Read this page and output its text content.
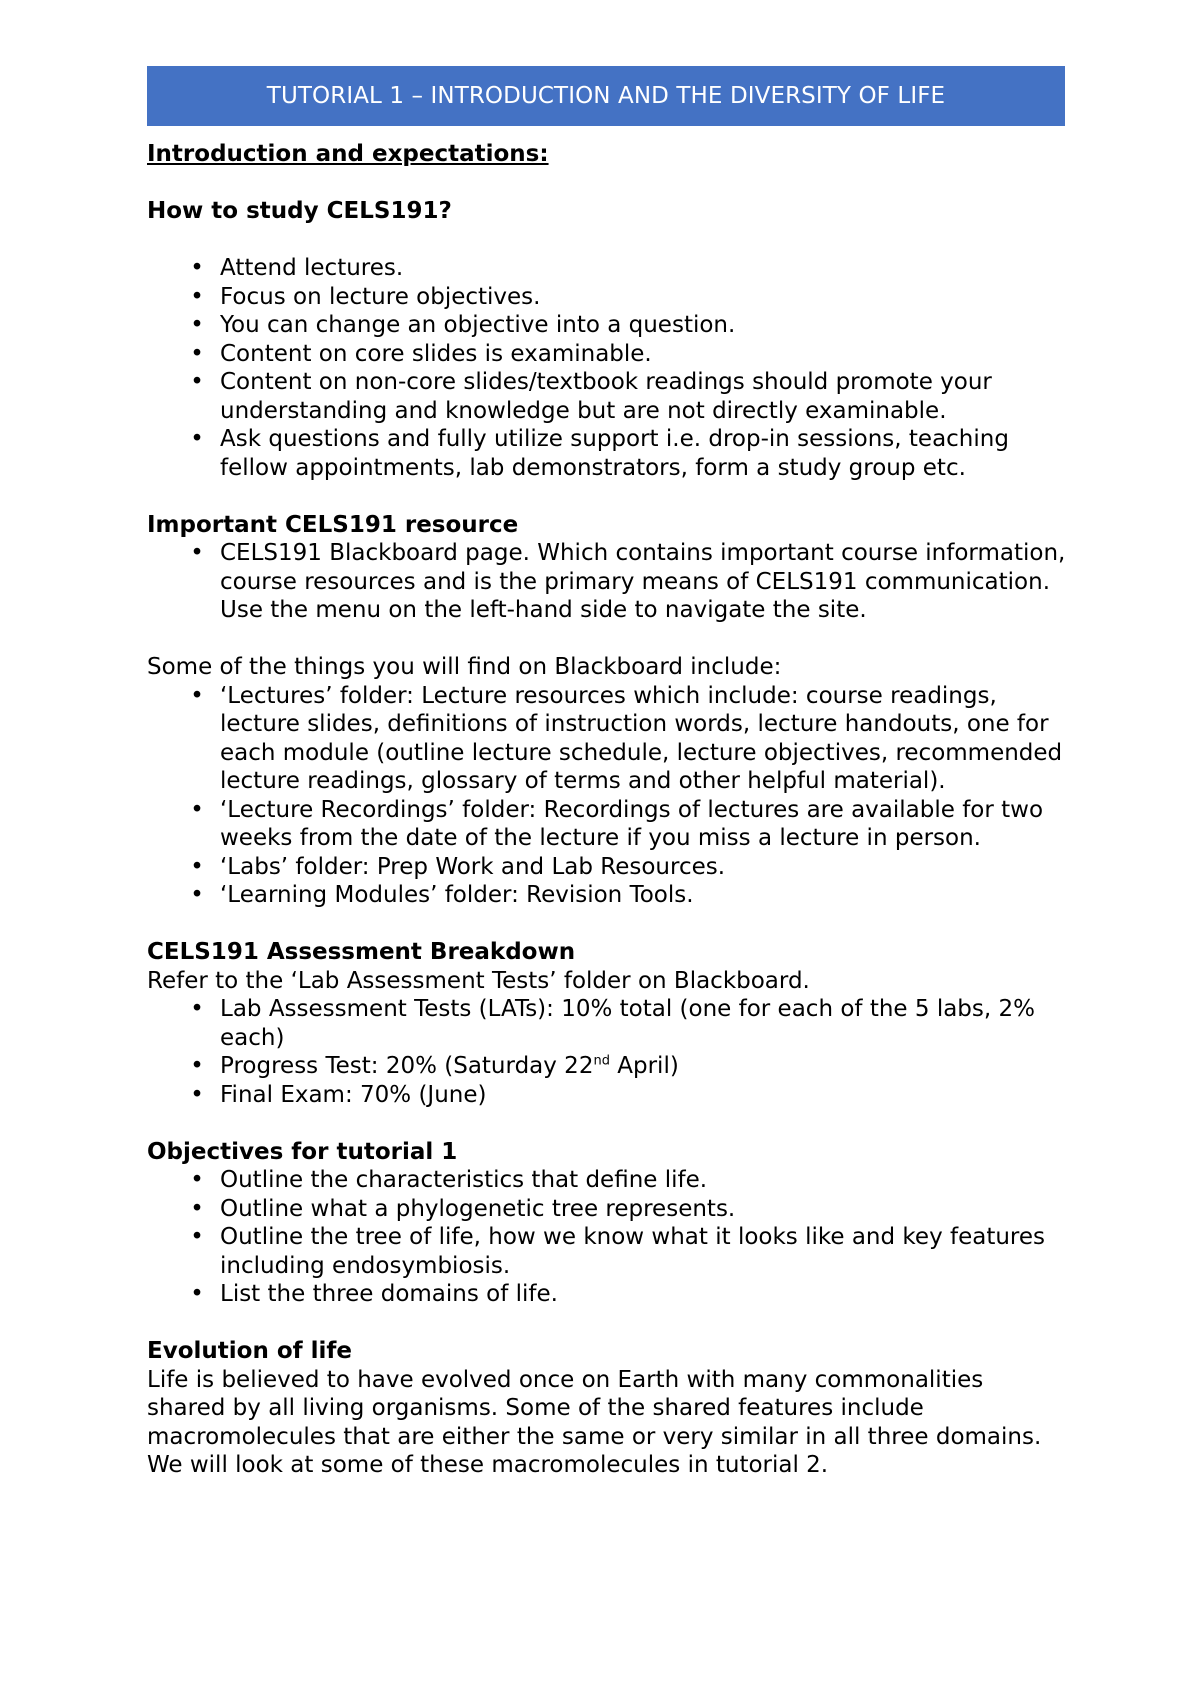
TUTORIAL 1 – INTRODUCTION AND THE DIVERSITY OF LIFE

Introduction and expectations:

How to study CELS191?

• Attend lectures.
• Focus on lecture objectives.
• You can change an objective into a question.
• Content on core slides is examinable.
• Content on non-core slides/textbook readings should promote your understanding and knowledge but are not directly examinable.
• Ask questions and fully utilize support i.e. drop-in sessions, teaching fellow appointments, lab demonstrators, form a study group etc.

Important CELS191 resource

• CELS191 Blackboard page. Which contains important course information, course resources and is the primary means of CELS191 communication. Use the menu on the left-hand side to navigate the site.

Some of the things you will find on Blackboard include:

• ‘Lectures’ folder: Lecture resources which include: course readings, lecture slides, definitions of instruction words, lecture handouts, one for each module (outline lecture schedule, lecture objectives, recommended lecture readings, glossary of terms and other helpful material).
• ‘Lecture Recordings’ folder: Recordings of lectures are available for two weeks from the date of the lecture if you miss a lecture in person.
• ‘Labs’ folder: Prep Work and Lab Resources.
• ‘Learning Modules’ folder: Revision Tools.

CELS191 Assessment Breakdown

Refer to the ‘Lab Assessment Tests’ folder on Blackboard.

• Lab Assessment Tests (LATs): 10% total (one for each of the 5 labs, 2% each)
• Progress Test: 20% (Saturday 22nd April)
• Final Exam: 70% (June)

Objectives for tutorial 1

• Outline the characteristics that define life.
• Outline what a phylogenetic tree represents.
• Outline the tree of life, how we know what it looks like and key features including endosymbiosis.
• List the three domains of life.

Evolution of life

Life is believed to have evolved once on Earth with many commonalities shared by all living organisms. Some of the shared features include macromolecules that are either the same or very similar in all three domains. We will look at some of these macromolecules in tutorial 2.
